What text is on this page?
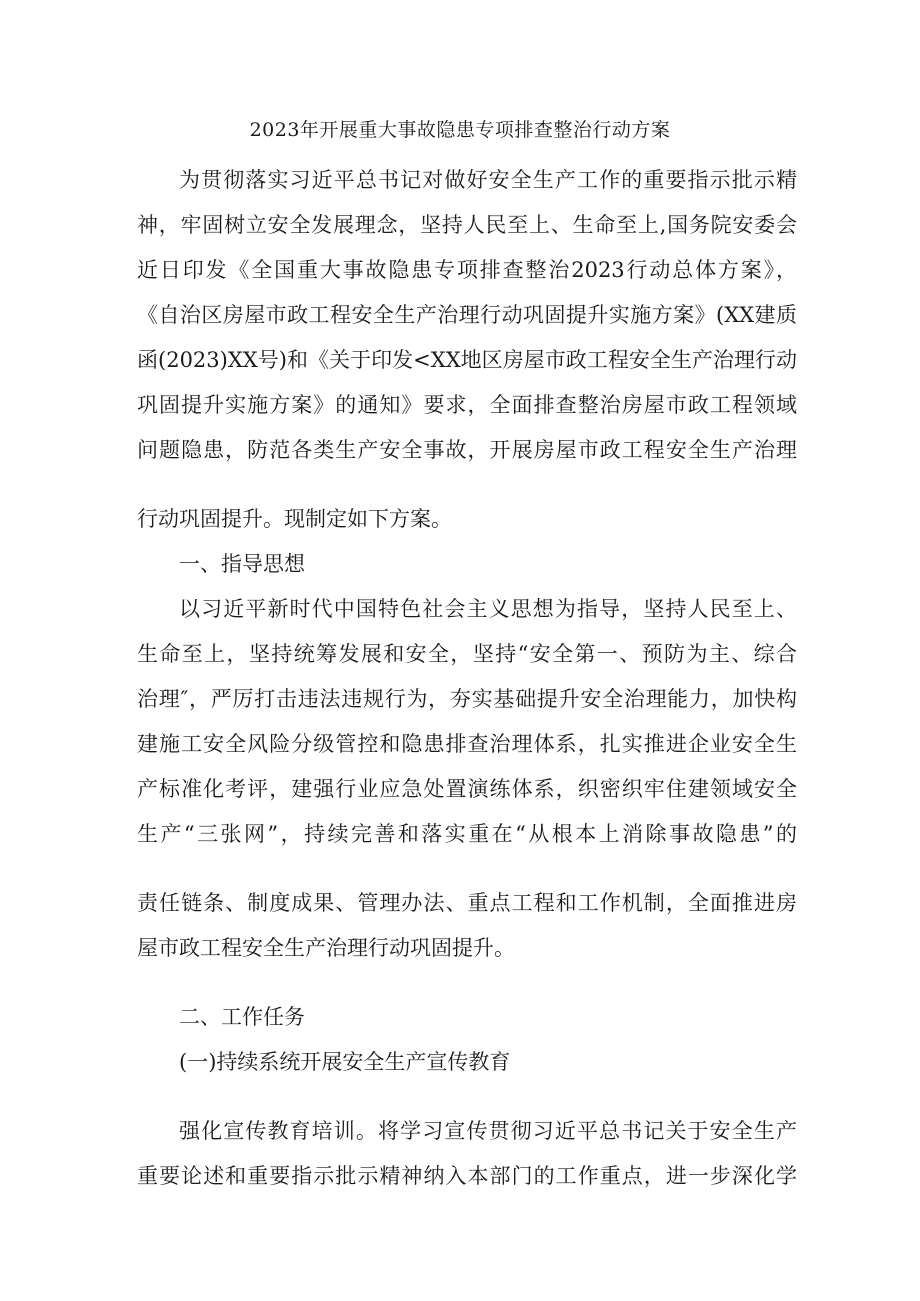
2023年开展重大事故隐患专项排查整治行动方案
为贯彻落实习近平总书记对做好安全生产工作的重要指示批示精
神，牢固树立安全发展理念，坚持人民至上、生命至上,国务院安委会
近日印发《全国重大事故隐患专项排查整治2023行动总体方案》，
《自治区房屋市政工程安全生产治理行动巩固提升实施方案》(XX建质
函(2023)XX号)和《关于印发<XX地区房屋市政工程安全生产治理行动
巩固提升实施方案》的通知》要求，全面排查整治房屋市政工程领域
问题隐患，防范各类生产安全事故，开展房屋市政工程安全生产治理
行动巩固提升。现制定如下方案。
一、指导思想
以习近平新时代中国特色社会主义思想为指导，坚持人民至上、
生命至上，坚持统筹发展和安全，坚持“安全第一、预防为主、综合
治理″，严厉打击违法违规行为，夯实基础提升安全治理能力，加快构
建施工安全风险分级管控和隐患排查治理体系，扎实推进企业安全生
产标准化考评，建强行业应急处置演练体系，织密织牢住建领域安全
生产“三张网”，持续完善和落实重在“从根本上消除事故隐患”的
责任链条、制度成果、管理办法、重点工程和工作机制，全面推进房
屋市政工程安全生产治理行动巩固提升。
二、工作任务
(一)持续系统开展安全生产宣传教育
强化宣传教育培训。将学习宣传贯彻习近平总书记关于安全生产
重要论述和重要指示批示精神纳入本部门的工作重点，进一步深化学
